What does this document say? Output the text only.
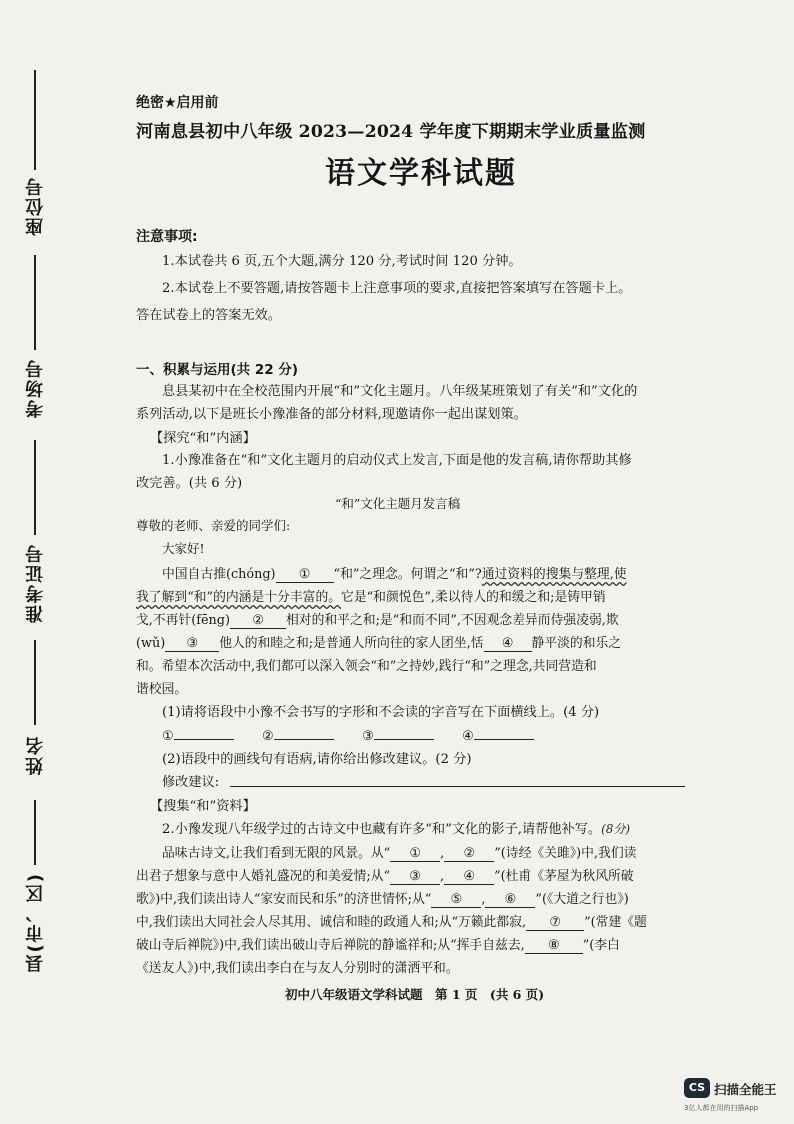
座位号
考场号
准考证号
姓名
县(市、区)
绝密★启用前
河南息县初中八年级 2023—2024 学年度下期期末学业质量监测
语文学科试题
注意事项:
1.本试卷共 6 页,五个大题,满分 120 分,考试时间 120 分钟。
2.本试卷上不要答题,请按答题卡上注意事项的要求,直接把答案填写在答题卡上。
答在试卷上的答案无效。
一、积累与运用(共 22 分)
息县某初中在全校范围内开展“和”文化主题月。八年级某班策划了有关“和”文化的
系列活动,以下是班长小豫准备的部分材料,现邀请你一起出谋划策。
【探究“和”内涵】
1.小豫准备在“和”文化主题月的启动仪式上发言,下面是他的发言稿,请你帮助其修
改完善。(共 6 分)
“和”文化主题月发言稿
尊敬的老师、亲爱的同学们:
大家好!
中国自古推(chóng) ① “和”之理念。何谓之“和”?通过资料的搜集与整理,使
我了解到“和”的内涵是十分丰富的。它是“和颜悦色”,柔以待人的和缓之和;是铸甲销
戈,不再针(fēng) ② 相对的和平之和;是“和而不同”,不因观念差异而侍强凌弱,欺
(wǔ) ③ 他人的和睦之和;是普通人所向往的家人团坐,恬 ④ 静平淡的和乐之
和。希望本次活动中,我们都可以深入领会“和”之持妙,践行“和”之理念,共同营造和
谐校园。
(1)请将语段中小豫不会书写的字形和不会读的字音写在下面横线上。(4 分)
①	②	③	④
(2)语段中的画线句有语病,请你给出修改建议。(2 分)
修改建议:
【搜集“和”资料】
2.小豫发现八年级学过的古诗文中也藏有许多“和”文化的影子,请帮他补写。(8分)
品味古诗文,让我们看到无限的风景。从“ ① , ② ”(诗经《关雎》)中,我们读
出君子想象与意中人婚礼盛况的和美爱情;从“ ③ , ④ ”(杜甫《茅屋为秋风所破
歌》)中,我们读出诗人“家安而民和乐”的济世情怀;从“ ⑤ , ⑥ ”(《大道之行也》)
中,我们读出大同社会人尽其用、诚信和睦的政通人和;从“万籁此都寂, ⑦ ”(常建《题
破山寺后禅院》)中,我们读出破山寺后禅院的静谧祥和;从“挥手自兹去, ⑧ ”(李白
《送友人》)中,我们读出李白在与友人分别时的潇洒平和。
初中八年级语文学科试题　第 1 页　(共 6 页)
CS 扫描全能王
3亿人都在用的扫描App
